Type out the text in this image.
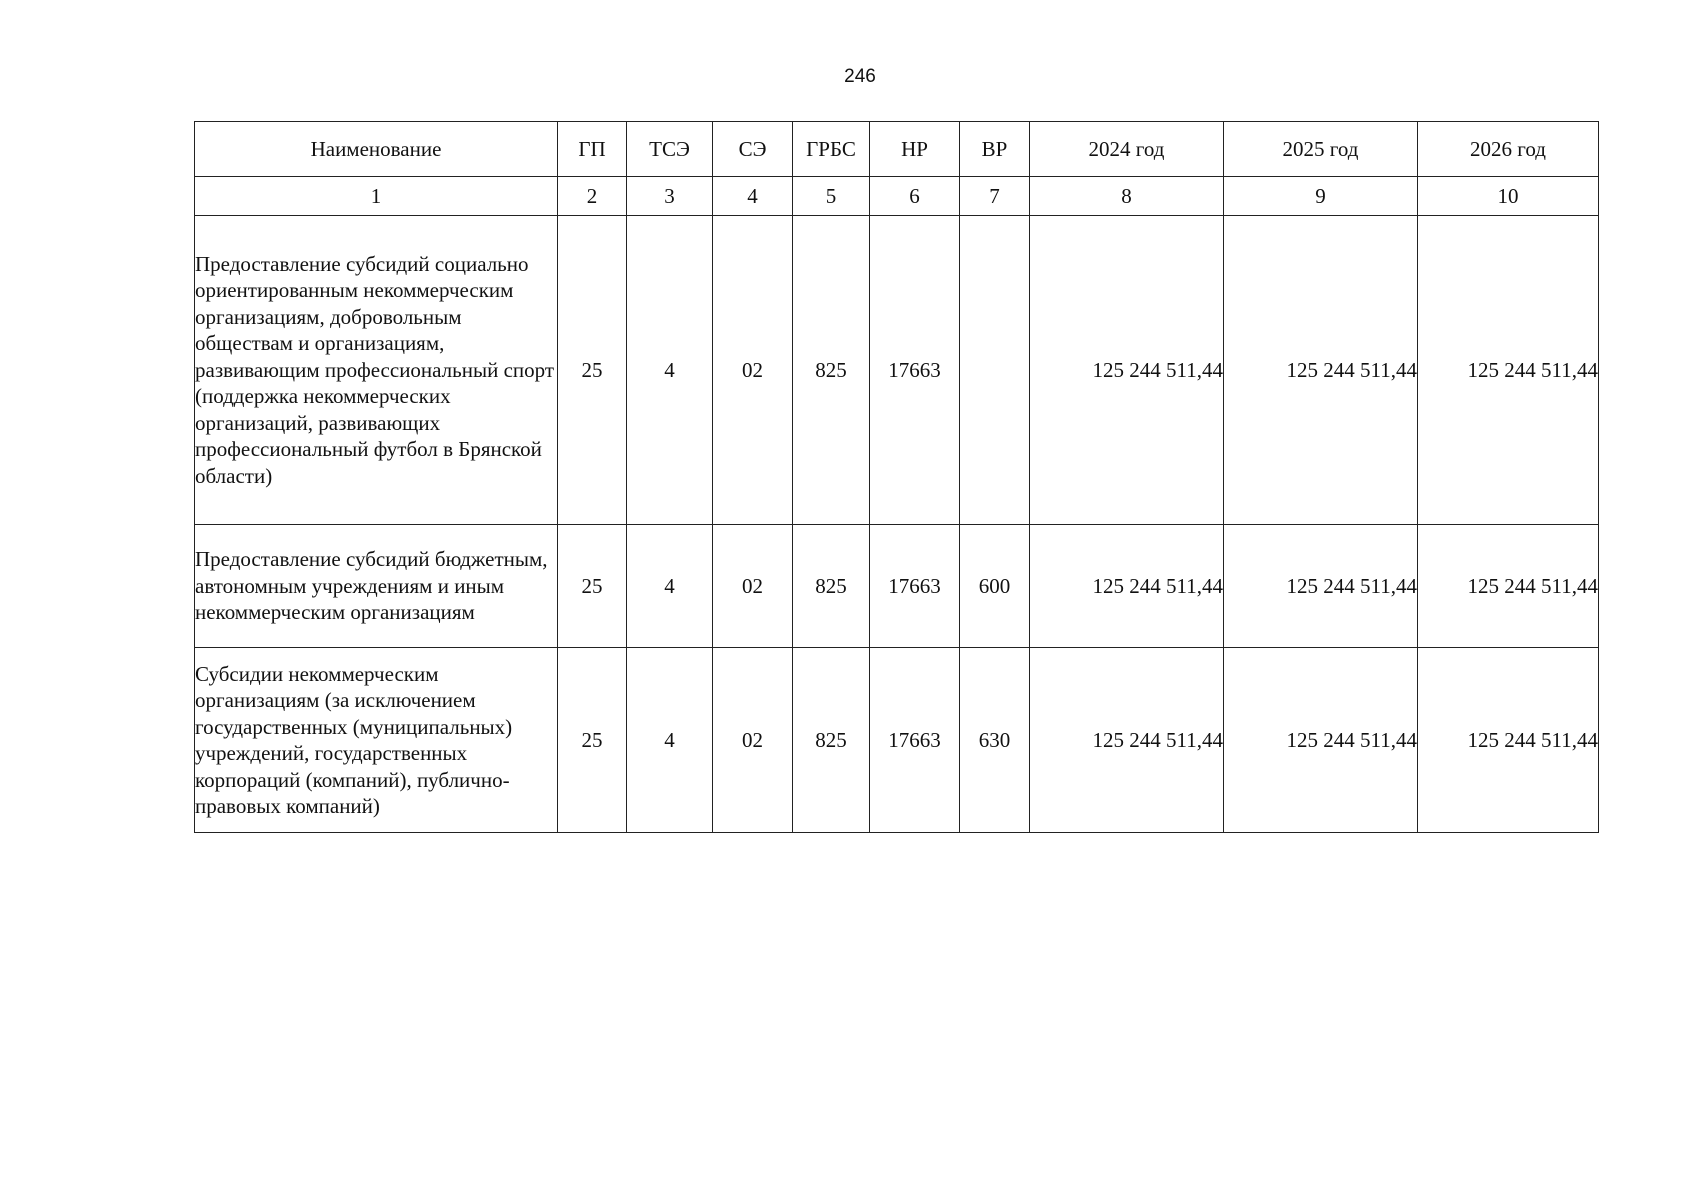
246
Наименование	ГП	ТСЭ	СЭ	ГРБС	НР	ВР	2024 год	2025 год	2026 год
1	2	3	4	5	6	7	8	9	10
Предоставление субсидий социально ориентированным некоммерческим организациям, добровольным обществам и организациям, развивающим профессиональный спорт (поддержка некоммерческих организаций, развивающих профессиональный футбол в Брянской области)	25	4	02	825	17663		125 244 511,44	125 244 511,44	125 244 511,44
Предоставление субсидий бюджетным, автономным учреждениям и иным некоммерческим организациям	25	4	02	825	17663	600	125 244 511,44	125 244 511,44	125 244 511,44
Субсидии некоммерческим организациям (за исключением государственных (муниципальных) учреждений, государственных корпораций (компаний), публично-правовых компаний)	25	4	02	825	17663	630	125 244 511,44	125 244 511,44	125 244 511,44
